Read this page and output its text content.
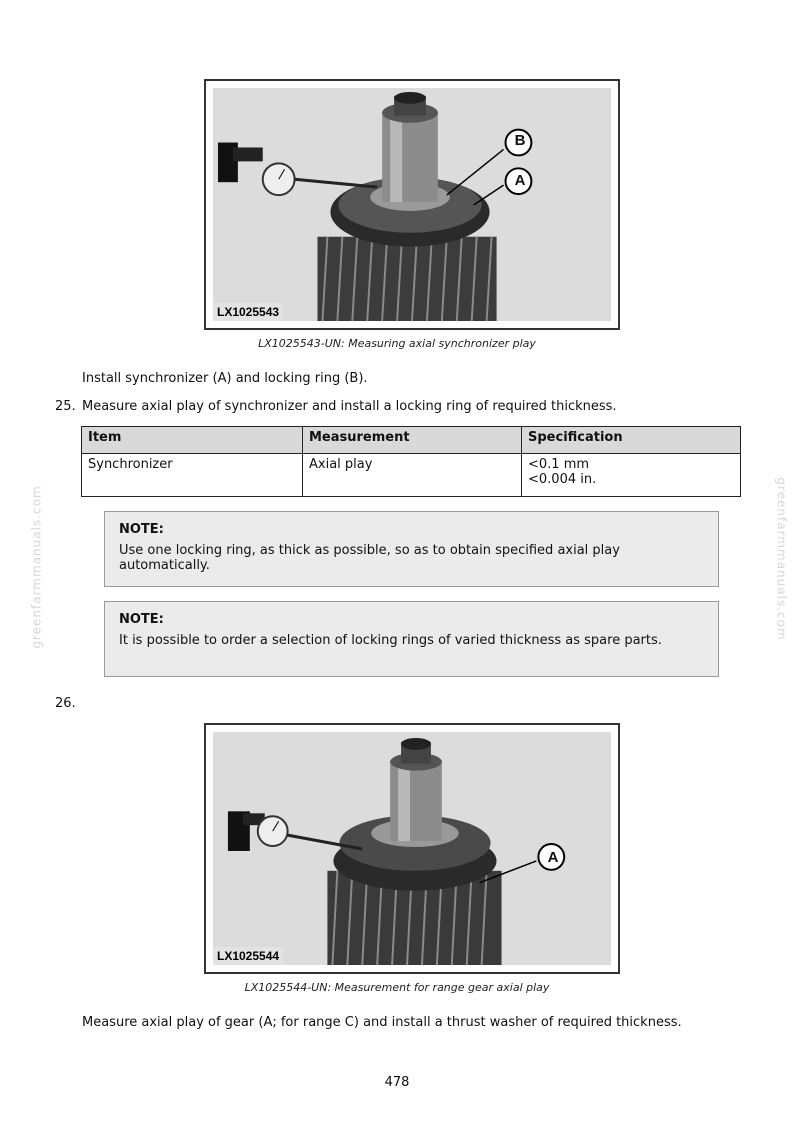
greenfarmmanuals.com	greenfarmmanuals.com
B
A
LX1025543
LX1025543-UN: Measuring axial synchronizer play
Install synchronizer (A) and locking ring (B).
25. Measure axial play of synchronizer and install a locking ring of required thickness.
Item	Measurement	Specification
Synchronizer	Axial play	<0.1 mm
<0.004 in.
NOTE:
Use one locking ring, as thick as possible, so as to obtain specified axial play automatically.
NOTE:
It is possible to order a selection of locking rings of varied thickness as spare parts.
26.
A
LX1025544
LX1025544-UN: Measurement for range gear axial play
Measure axial play of gear (A; for range C) and install a thrust washer of required thickness.
478
